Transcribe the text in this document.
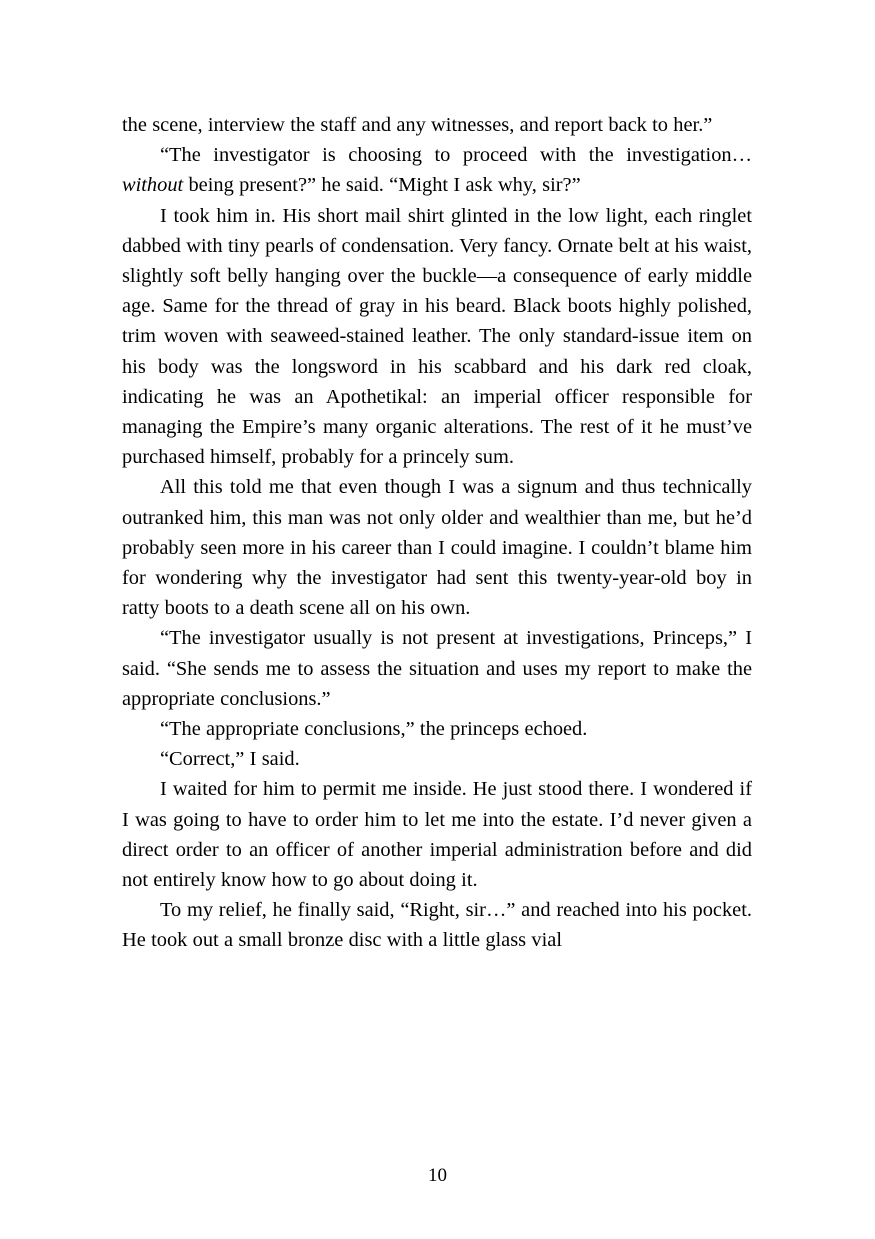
the scene, interview the staff and any witnesses, and report back to her.”

“The investigator is choosing to proceed with the investigation…without being present?” he said. “Might I ask why, sir?”

I took him in. His short mail shirt glinted in the low light, each ringlet dabbed with tiny pearls of condensation. Very fancy. Ornate belt at his waist, slightly soft belly hanging over the buckle—a consequence of early middle age. Same for the thread of gray in his beard. Black boots highly polished, trim woven with seaweed-stained leather. The only standard-issue item on his body was the longsword in his scabbard and his dark red cloak, indicating he was an Apothetikal: an imperial officer responsible for managing the Empire’s many organic alterations. The rest of it he must’ve purchased himself, probably for a princely sum.

All this told me that even though I was a signum and thus technically outranked him, this man was not only older and wealthier than me, but he’d probably seen more in his career than I could imagine. I couldn’t blame him for wondering why the investigator had sent this twenty-year-old boy in ratty boots to a death scene all on his own.

“The investigator usually is not present at investigations, Princeps,” I said. “She sends me to assess the situation and uses my report to make the appropriate conclusions.”

“The appropriate conclusions,” the princeps echoed.

“Correct,” I said.

I waited for him to permit me inside. He just stood there. I wondered if I was going to have to order him to let me into the estate. I’d never given a direct order to an officer of another imperial administration before and did not entirely know how to go about doing it.

To my relief, he finally said, “Right, sir…” and reached into his pocket. He took out a small bronze disc with a little glass vial

10
